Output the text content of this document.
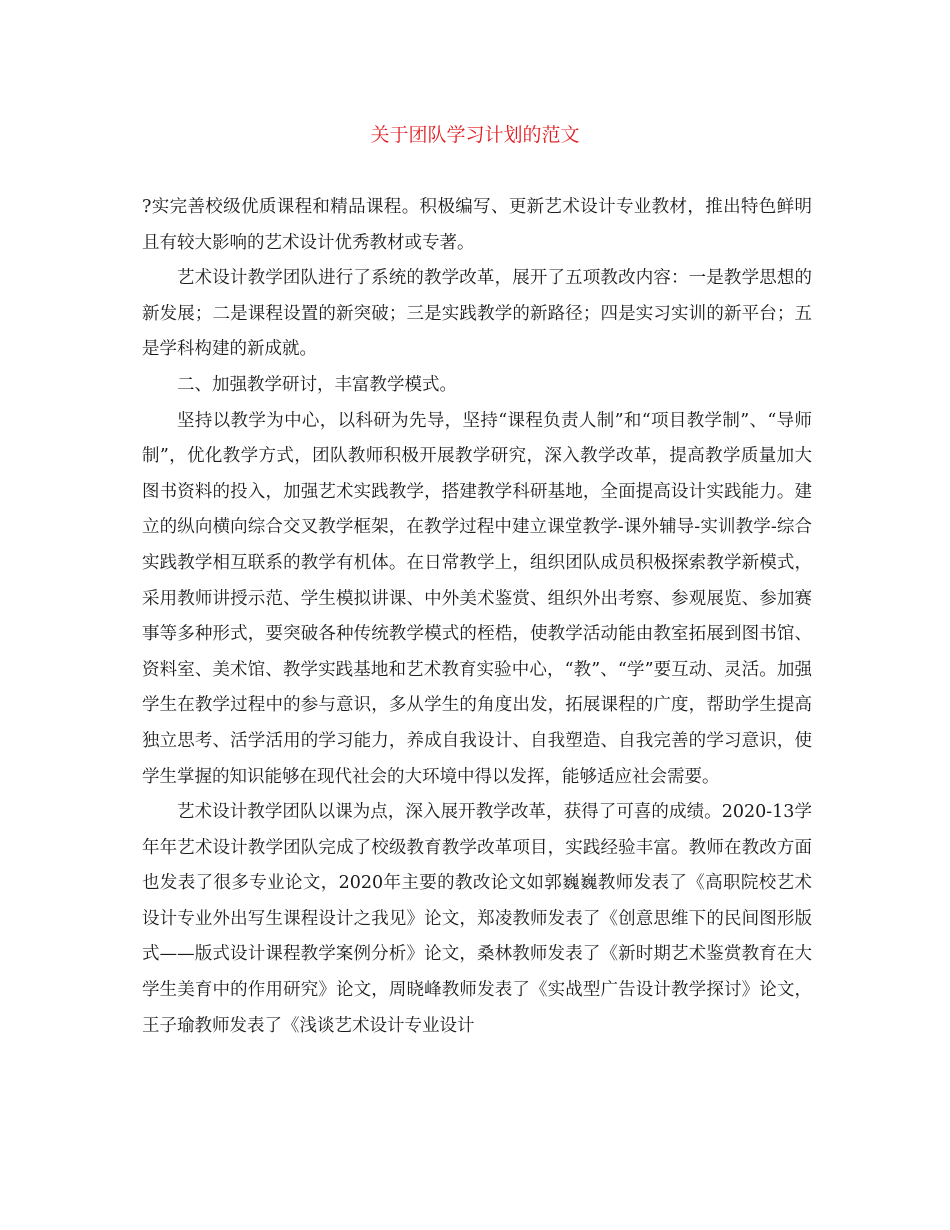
关于团队学习计划的范文

?实完善校级优质课程和精品课程。积极编写、更新艺术设计专业教材，推出特色鲜明且有较大影响的艺术设计优秀教材或专著。

艺术设计教学团队进行了系统的教学改革，展开了五项教改内容：一是教学思想的新发展；二是课程设置的新突破；三是实践教学的新路径；四是实习实训的新平台；五是学科构建的新成就。

二、加强教学研讨，丰富教学模式。

坚持以教学为中心，以科研为先导，坚持“课程负责人制”和“项目教学制”、“导师制”，优化教学方式，团队教师积极开展教学研究，深入教学改革，提高教学质量加大图书资料的投入，加强艺术实践教学，搭建教学科研基地，全面提高设计实践能力。建立的纵向横向综合交叉教学框架，在教学过程中建立课堂教学-课外辅导-实训教学-综合实践教学相互联系的教学有机体。在日常教学上，组织团队成员积极探索教学新模式，采用教师讲授示范、学生模拟讲课、中外美术鉴赏、组织外出考察、参观展览、参加赛事等多种形式，要突破各种传统教学模式的桎梏，使教学活动能由教室拓展到图书馆、资料室、美术馆、教学实践基地和艺术教育实验中心，“教”、“学”要互动、灵活。加强学生在教学过程中的参与意识，多从学生的角度出发，拓展课程的广度，帮助学生提高独立思考、活学活用的学习能力，养成自我设计、自我塑造、自我完善的学习意识，使学生掌握的知识能够在现代社会的大环境中得以发挥，能够适应社会需要。

艺术设计教学团队以课为点，深入展开教学改革，获得了可喜的成绩。2020-13学年年艺术设计教学团队完成了校级教育教学改革项目，实践经验丰富。教师在教改方面也发表了很多专业论文，2020年主要的教改论文如郭巍巍教师发表了《高职院校艺术设计专业外出写生课程设计之我见》论文，郑凌教师发表了《创意思维下的民间图形版式——版式设计课程教学案例分析》论文，桑林教师发表了《新时期艺术鉴赏教育在大学生美育中的作用研究》论文，周晓峰教师发表了《实战型广告设计教学探讨》论文，王子瑜教师发表了《浅谈艺术设计专业设计
